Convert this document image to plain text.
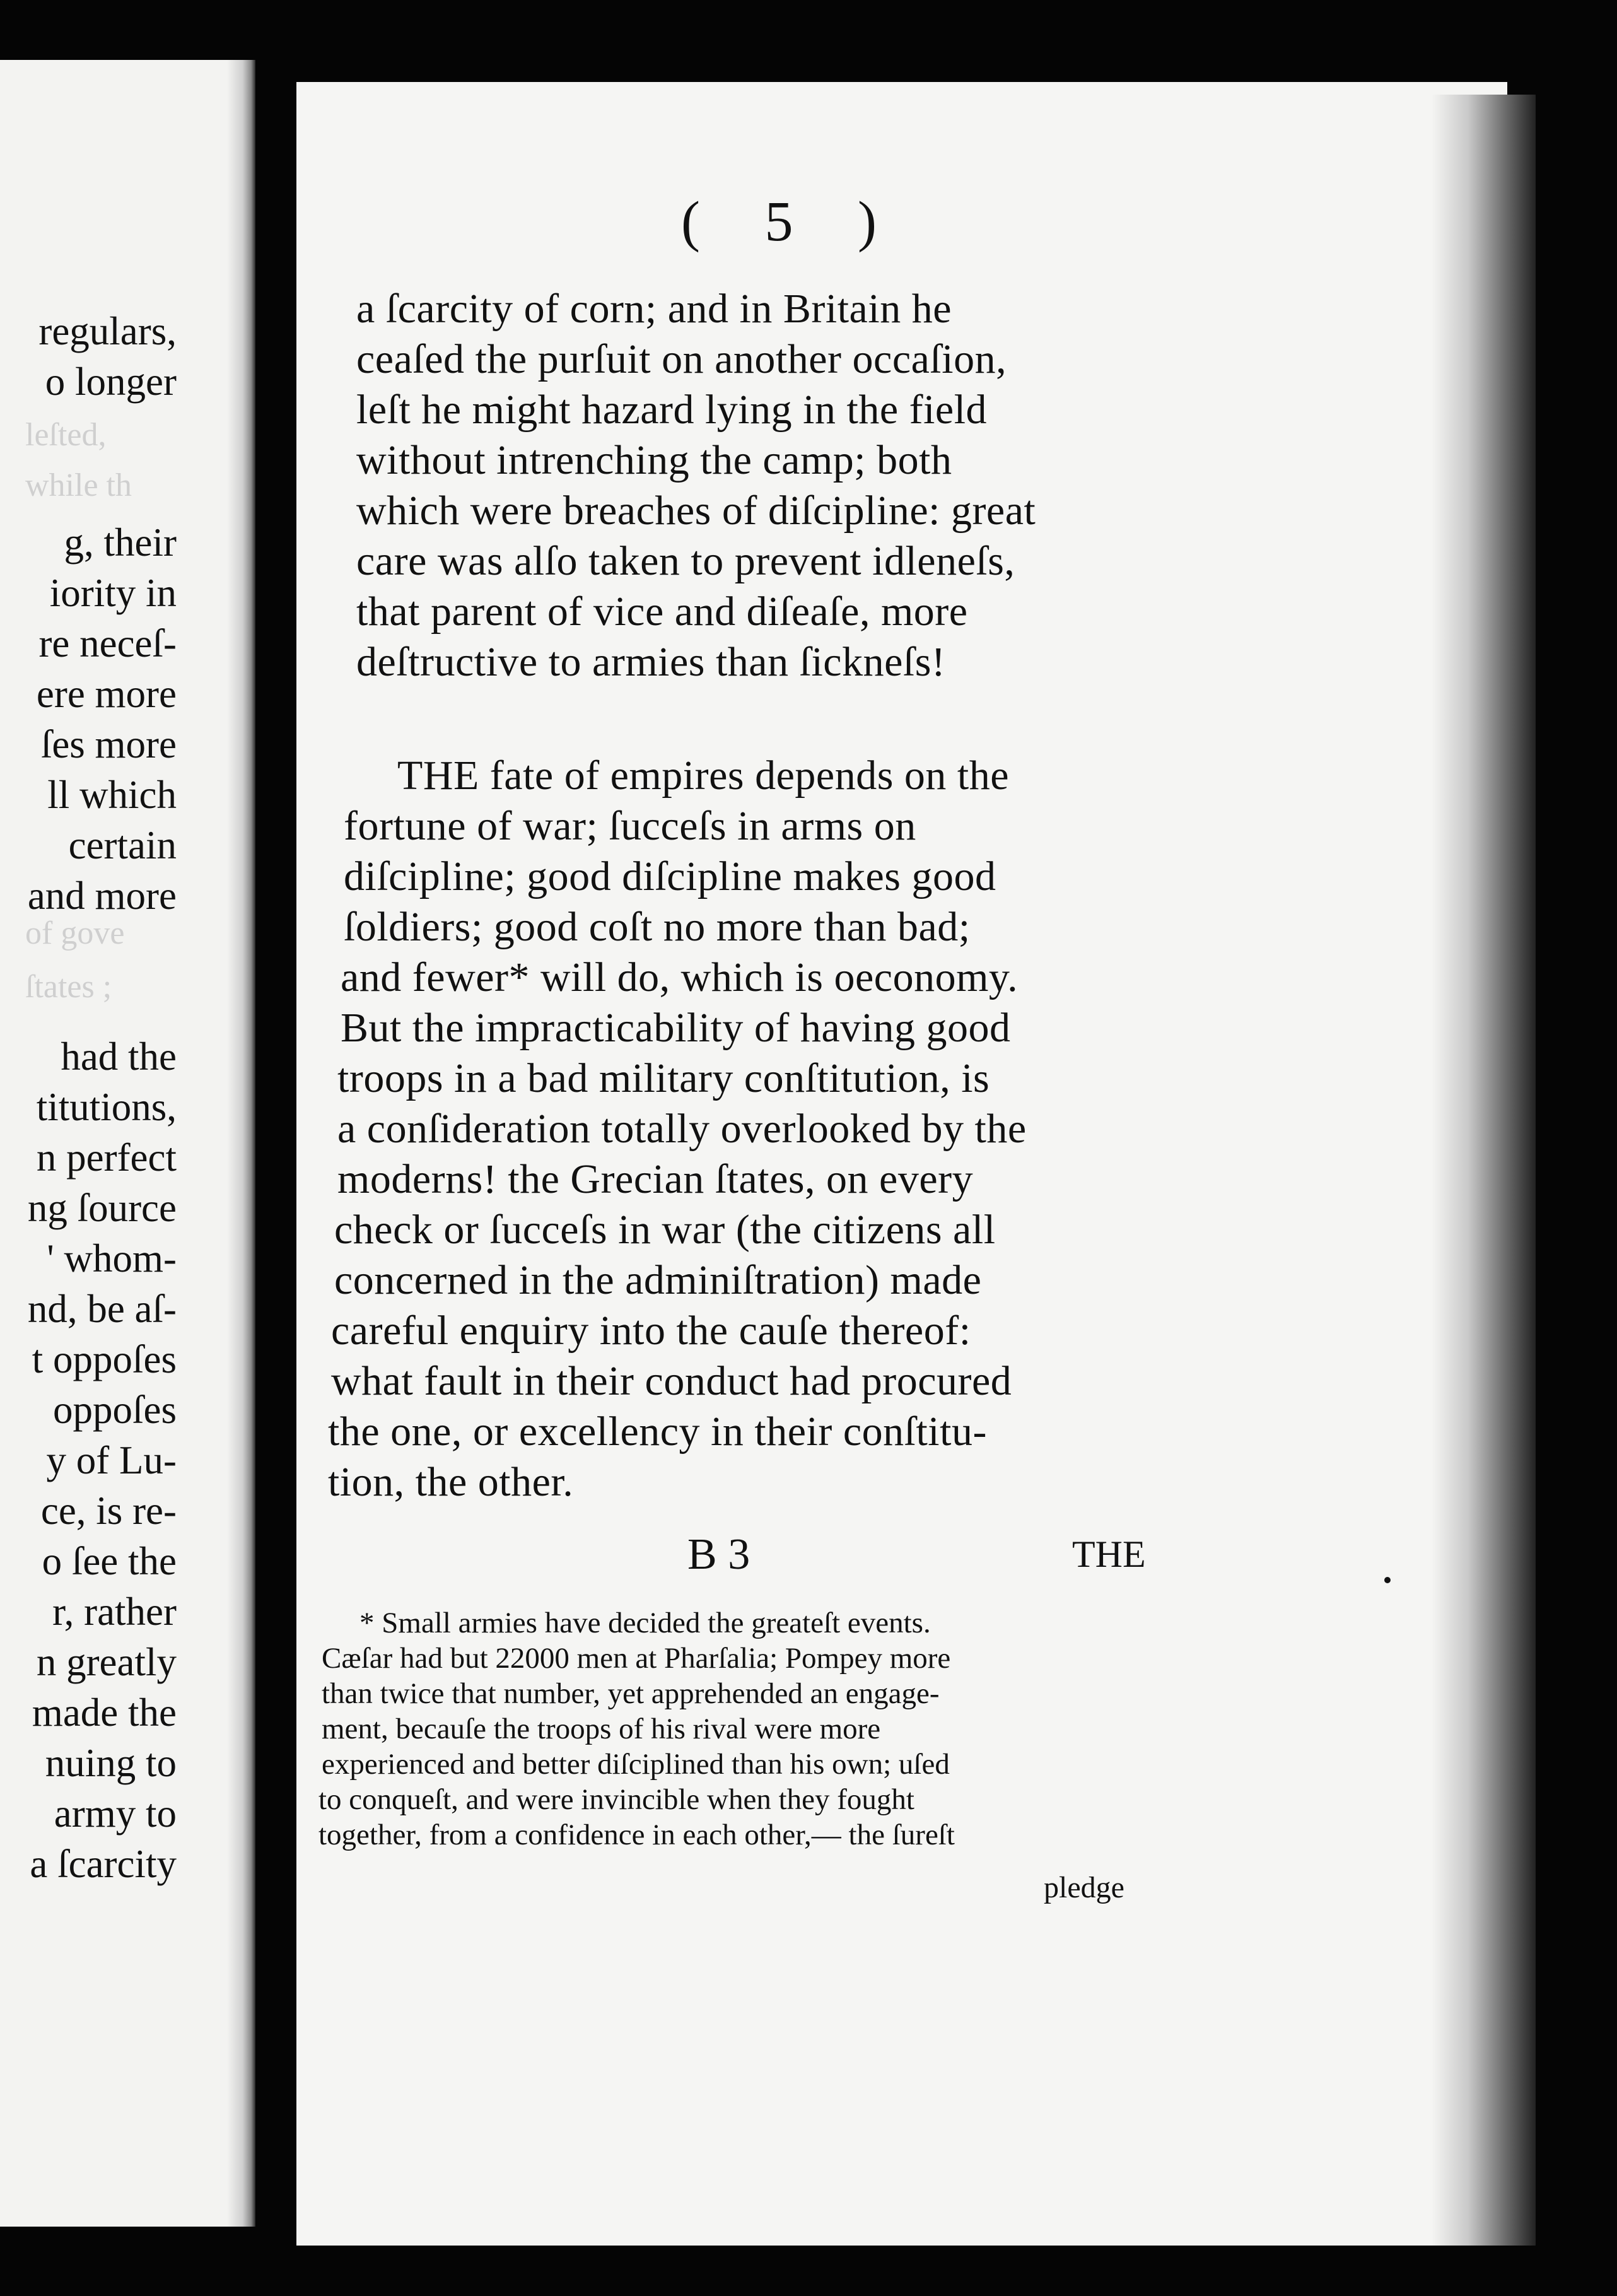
leſted,
while th
of gove
ſtates ;
regulars,
o longer
g, their
iority in
re neceſ-
ere more
ſes more
ll which
certain
and more
had the
titutions,
n perfect
ng ſource
' whom-
nd, be aſ-
t oppoſes
oppoſes
y of Lu-
ce, is re-
o ſee the
r, rather
n greatly
made the
nuing to
army to
a ſcarcity
( 5 )
a ſcarcity of corn; and in Britain he
ceaſed the purſuit on another occaſion,
leſt he might hazard lying in the field
without intrenching the camp; both
which were breaches of diſcipline: great
care was alſo taken to prevent idleneſs,
that parent of vice and diſeaſe, more
deſtructive to armies than ſickneſs!
THE fate of empires depends on the
fortune of war; ſucceſs in arms on
diſcipline; good diſcipline makes good
ſoldiers; good coſt no more than bad;
and fewer* will do, which is oeconomy.
But the impracticability of having good
troops in a bad military conſtitution, is
a conſideration totally overlooked by the
moderns! the Grecian ſtates, on every
check or ſucceſs in war (the citizens all
concerned in the adminiſtration) made
careful enquiry into the cauſe thereof:
what fault in their conduct had procured
the one, or excellency in their conſtitu-
tion, the other.
B 3	THE
* Small armies have decided the greateſt events.
Cæſar had but 22000 men at Pharſalia; Pompey more
than twice that number, yet apprehended an engage-
ment, becauſe the troops of his rival were more
experienced and better diſciplined than his own; uſed
to conqueſt, and were invincible when they fought
together, from a confidence in each other,— the ſureſt
pledge
